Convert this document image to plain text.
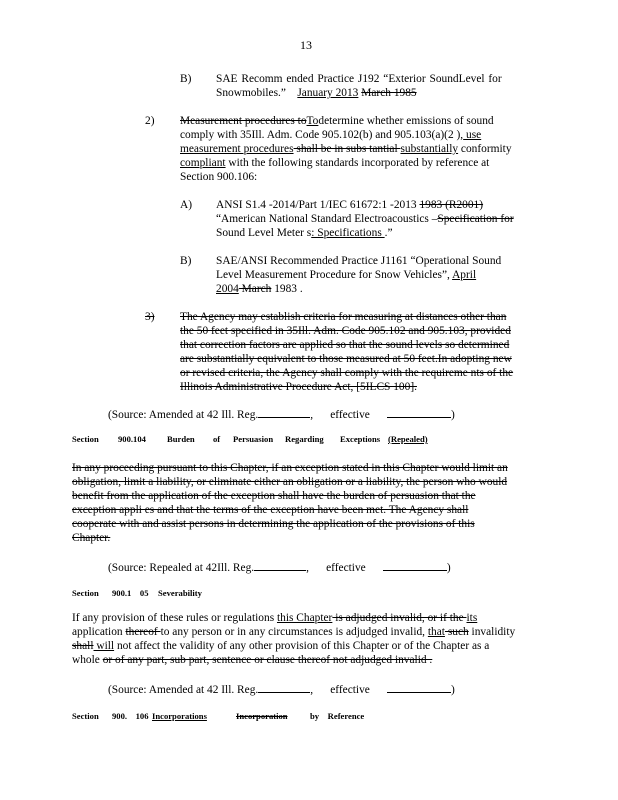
13
B) SAE Recomm ended Practice J192 “Exterior SoundLevel for
Snowmobiles.” January 2013 March 1985
2) Measurement procedures toTodetermine whether emissions of sound
comply with 35Ill. Adm. Code 905.102(b) and 905.103(a)(2 ), use
measurement procedures shall be in subs tantial substantially conformity
compliant with the following standards incorporated by reference at
Section 900.106:
A) ANSI S1.4 -2014/Part 1/IEC 61672:1 -2013 1983 (R2001)
“American National Standard Electroacoustics –Specification for
Sound Level Meter s: Specifications .”
B) SAE/ANSI Recommended Practice J1161 “Operational Sound
Level Measurement Procedure for Snow Vehicles”, April
2004 March 1983 .
3) The Agency may establish criteria for measuring at distances other than
the 50 feet specified in 35Ill. Adm. Code 905.102 and 905.103, provided
that correction factors are applied so that the sound levels so determined
are substantially equivalent to those measured at 50 feet.In adopting new
or revised criteria, the Agency shall comply with the requireme nts of the
Illinois Administrative Procedure Act, [5ILCS 100].
(Source: Amended at 42 Ill. Reg.	,      effective	)
Section 900.104 Burden of Persuasion Regarding Exceptions (Repealed)
In any proceeding pursuant to this Chapter, if an exception stated in this Chapter would limit an
obligation, limit a liability, or eliminate either an obligation or a liability, the person who would
benefit from the application of the exception shall have the burden of persuasion that the
exception appli es and that the terms of the exception have been met. The Agency shall
cooperate with and assist persons in determining the application of the provisions of this
Chapter.
(Source: Repealed at 42Ill. Reg.	,      effective	)
Section 900.1    05 Severability
If any provision of these rules or regulations this Chapter is adjudged invalid, or if the its
application thereof to any person or in any circumstances is adjudged invalid, that such invalidity
shall will not affect the validity of any other provision of this Chapter or of the Chapter as a
whole or of any part, sub part, sentence or clause thereof not adjudged invalid .
(Source: Amended at 42 Ill. Reg.	,      effective	)
Section 900.    106 Incorporations	Incorporation	by    Reference
